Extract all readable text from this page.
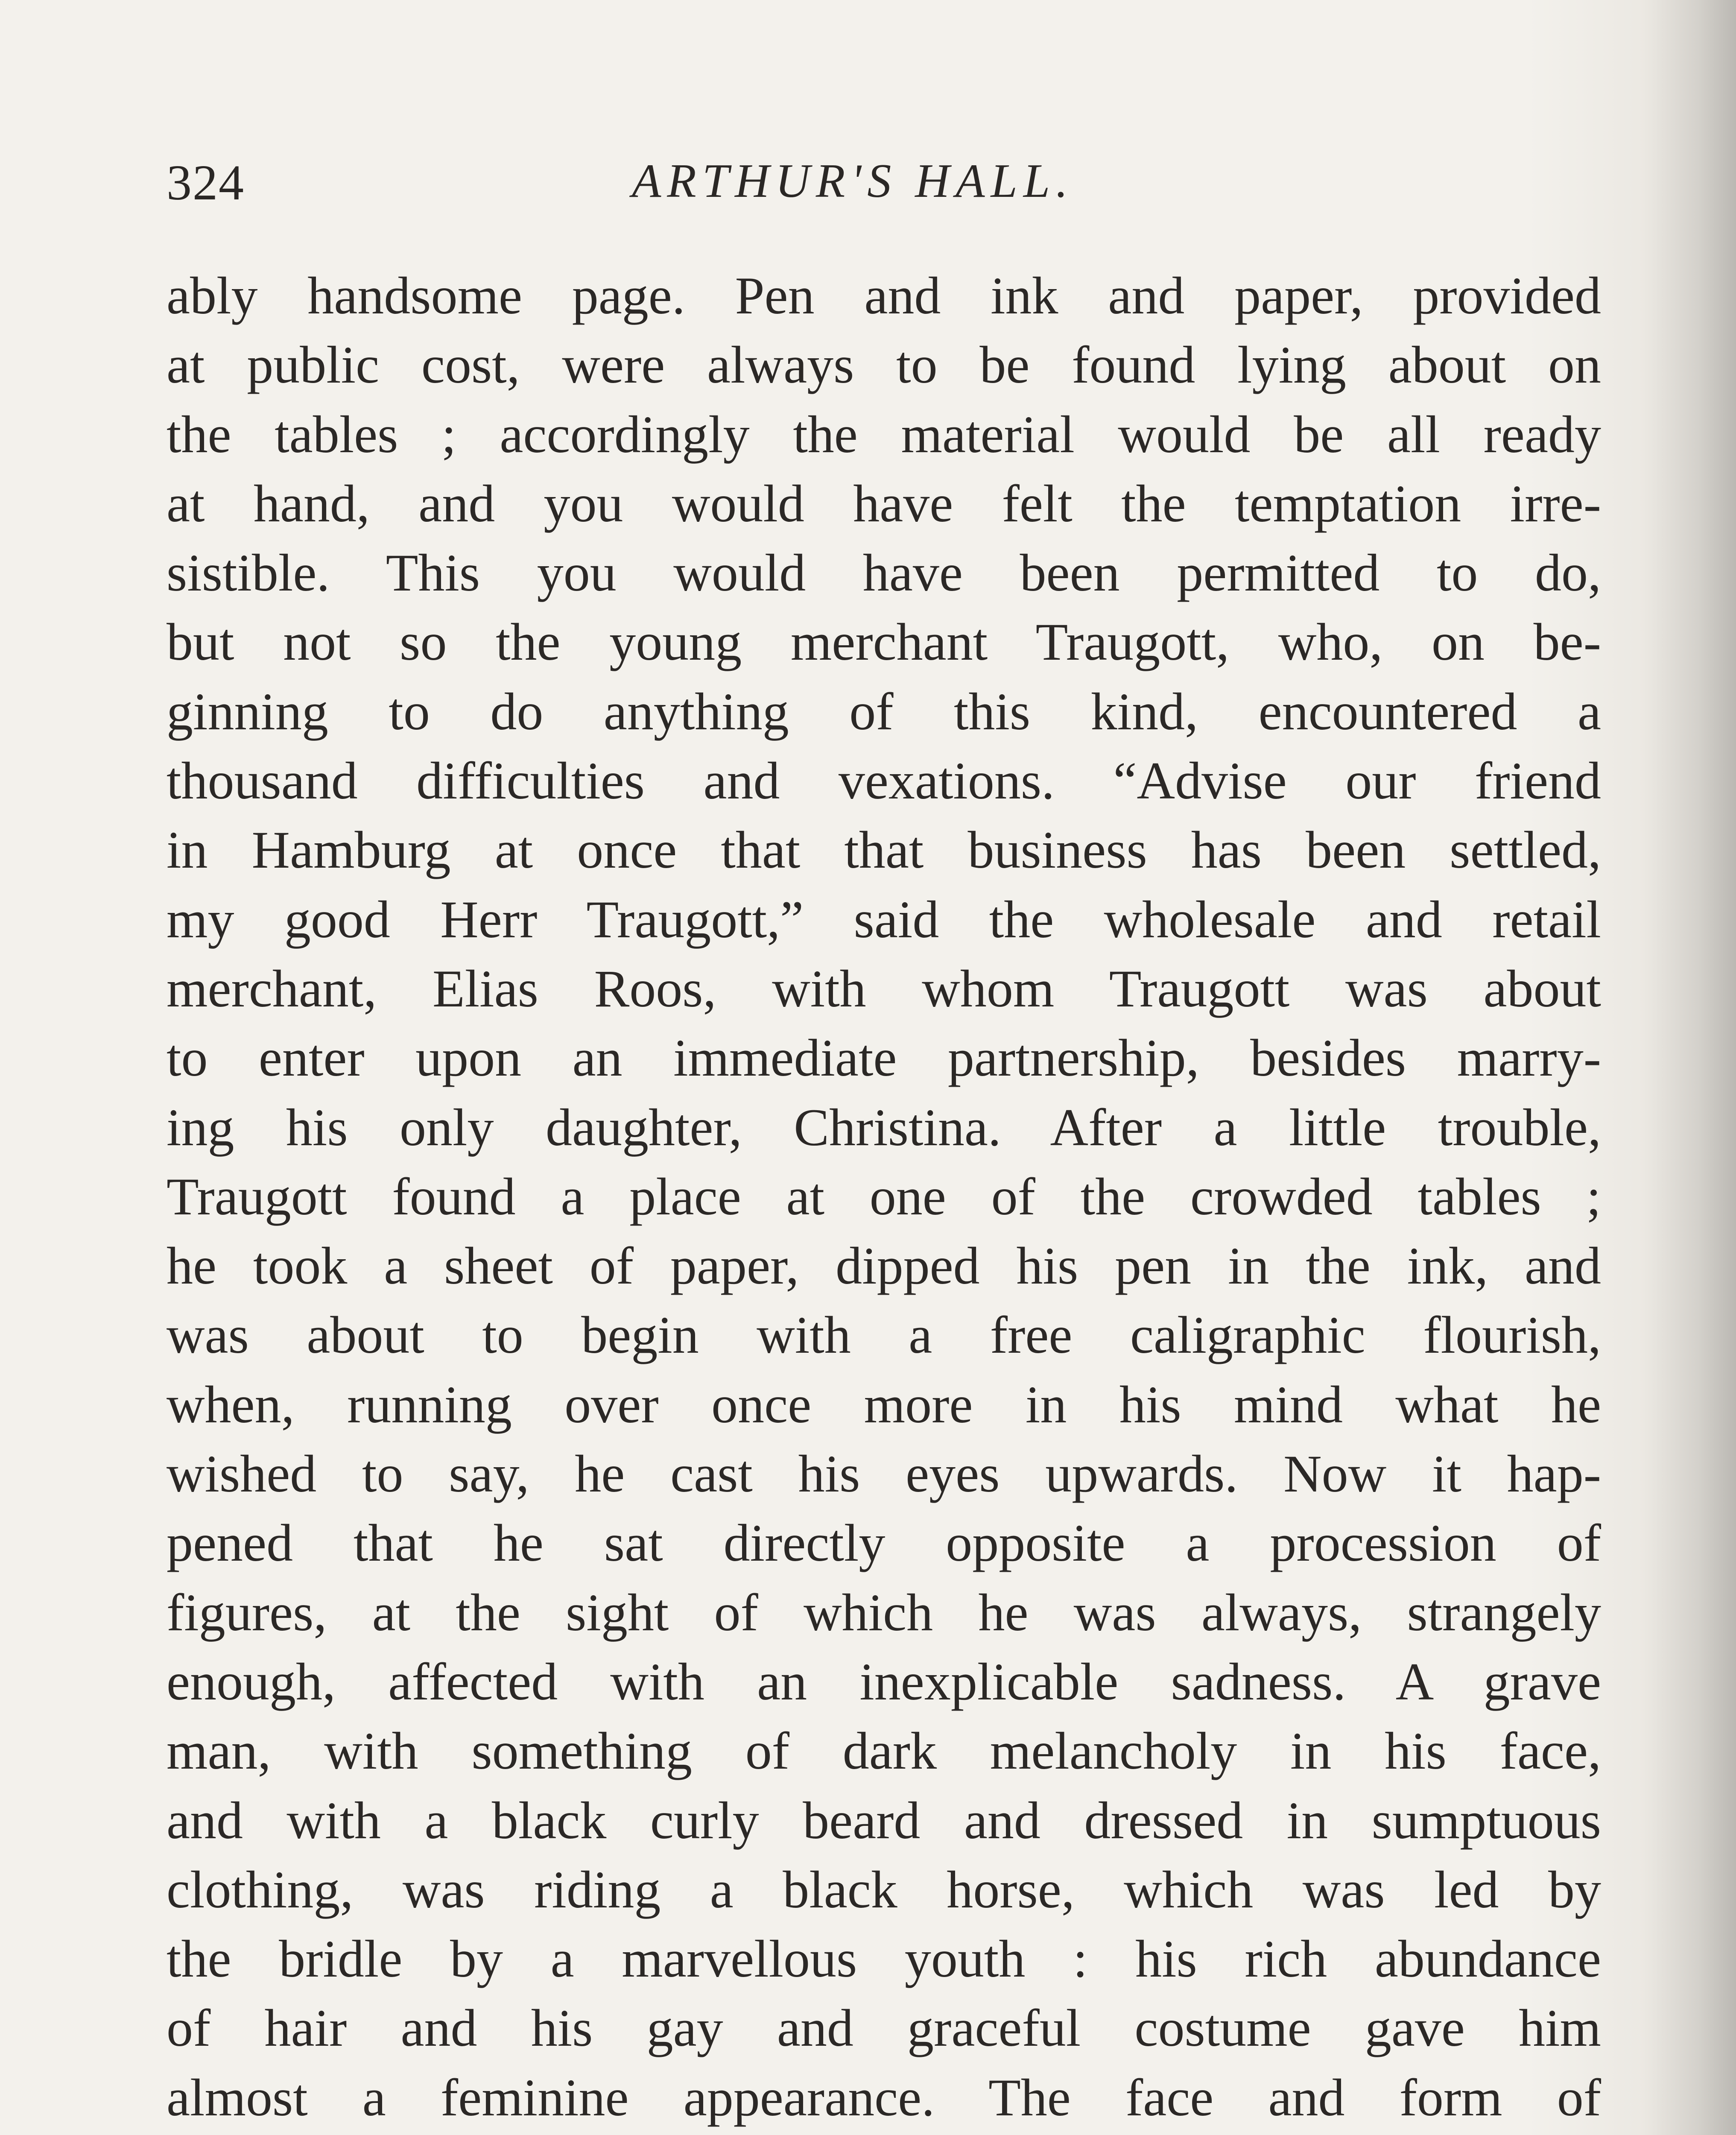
324	ARTHUR'S HALL.
ably handsome page. Pen and ink and paper, provided
at public cost, were always to be found lying about on
the tables ; accordingly the material would be all ready
at hand, and you would have felt the temptation irre-
sistible. This you would have been permitted to do,
but not so the young merchant Traugott, who, on be-
ginning to do anything of this kind, encountered a
thousand difficulties and vexations. “Advise our friend
in Hamburg at once that that business has been settled,
my good Herr Traugott,” said the wholesale and retail
merchant, Elias Roos, with whom Traugott was about
to enter upon an immediate partnership, besides marry-
ing his only daughter, Christina. After a little trouble,
Traugott found a place at one of the crowded tables ;
he took a sheet of paper, dipped his pen in the ink, and
was about to begin with a free caligraphic flourish,
when, running over once more in his mind what he
wished to say, he cast his eyes upwards. Now it hap-
pened that he sat directly opposite a procession of
figures, at the sight of which he was always, strangely
enough, affected with an inexplicable sadness. A grave
man, with something of dark melancholy in his face,
and with a black curly beard and dressed in sumptuous
clothing, was riding a black horse, which was led by
the bridle by a marvellous youth : his rich abundance
of hair and his gay and graceful costume gave him
almost a feminine appearance. The face and form of
